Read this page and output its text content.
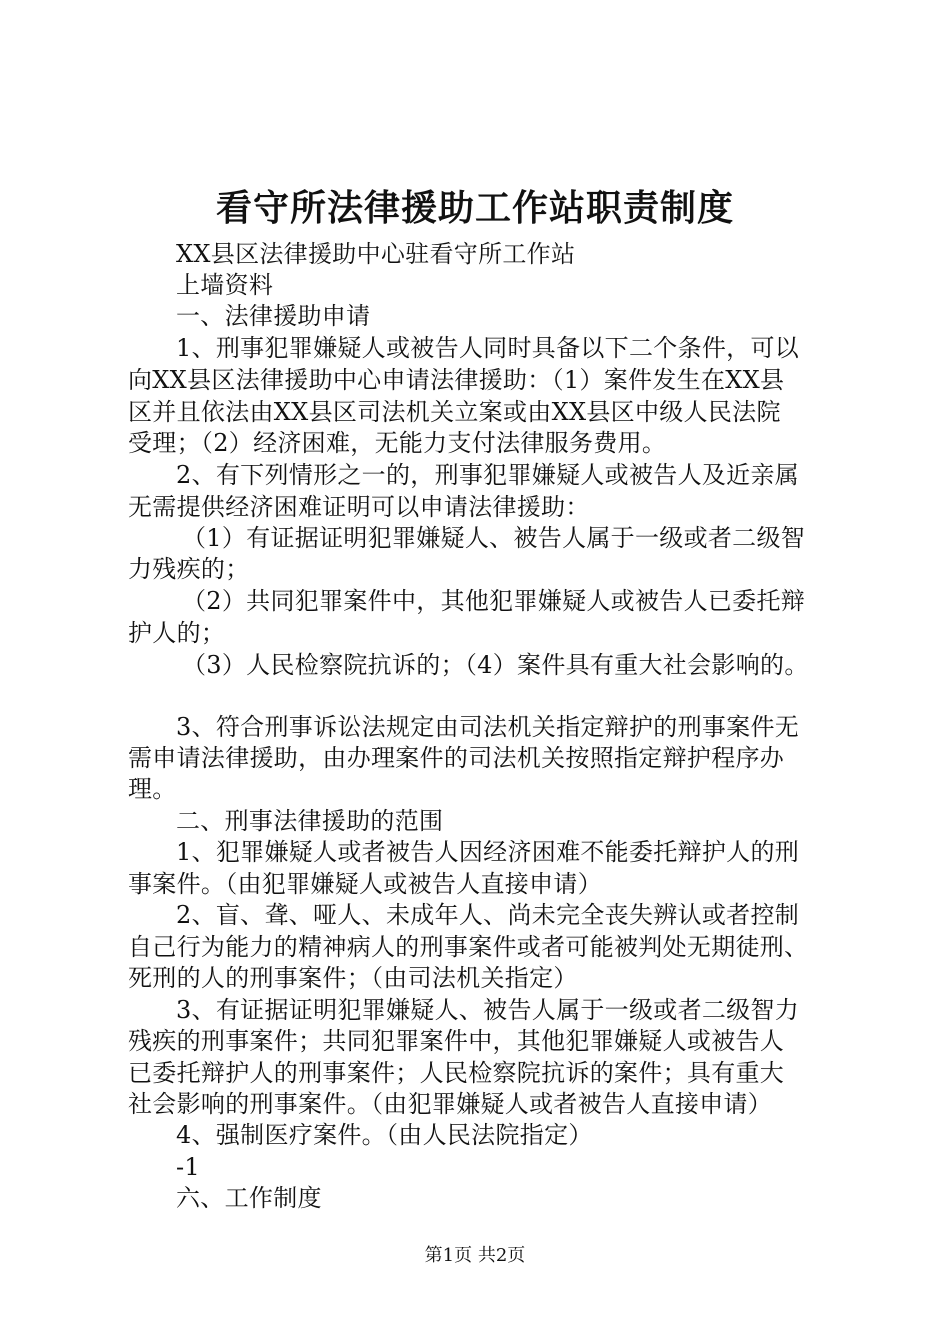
看守所法律援助工作站职责制度
XX县区法律援助中心驻看守所工作站
上墙资料
一、法律援助申请
1、刑事犯罪嫌疑人或被告人同时具备以下二个条件，可以
向XX县区法律援助中心申请法律援助：（1）案件发生在XX县
区并且依法由XX县区司法机关立案或由XX县区中级人民法院
受理；（2）经济困难，无能力支付法律服务费用。
2、有下列情形之一的，刑事犯罪嫌疑人或被告人及近亲属
无需提供经济困难证明可以申请法律援助：
（1）有证据证明犯罪嫌疑人、被告人属于一级或者二级智
力残疾的；
（2）共同犯罪案件中，其他犯罪嫌疑人或被告人已委托辩
护人的；
（3）人民检察院抗诉的；（4）案件具有重大社会影响的。
3、符合刑事诉讼法规定由司法机关指定辩护的刑事案件无
需申请法律援助，由办理案件的司法机关按照指定辩护程序办
理。
二、刑事法律援助的范围
1、犯罪嫌疑人或者被告人因经济困难不能委托辩护人的刑
事案件。（由犯罪嫌疑人或被告人直接申请）
2、盲、聋、哑人、未成年人、尚未完全丧失辨认或者控制
自己行为能力的精神病人的刑事案件或者可能被判处无期徒刑、
死刑的人的刑事案件；（由司法机关指定）
3、有证据证明犯罪嫌疑人、被告人属于一级或者二级智力
残疾的刑事案件；共同犯罪案件中，其他犯罪嫌疑人或被告人
已委托辩护人的刑事案件；人民检察院抗诉的案件；具有重大
社会影响的刑事案件。（由犯罪嫌疑人或者被告人直接申请）
4、强制医疗案件。（由人民法院指定）
-1
六、工作制度
第1页 共2页
